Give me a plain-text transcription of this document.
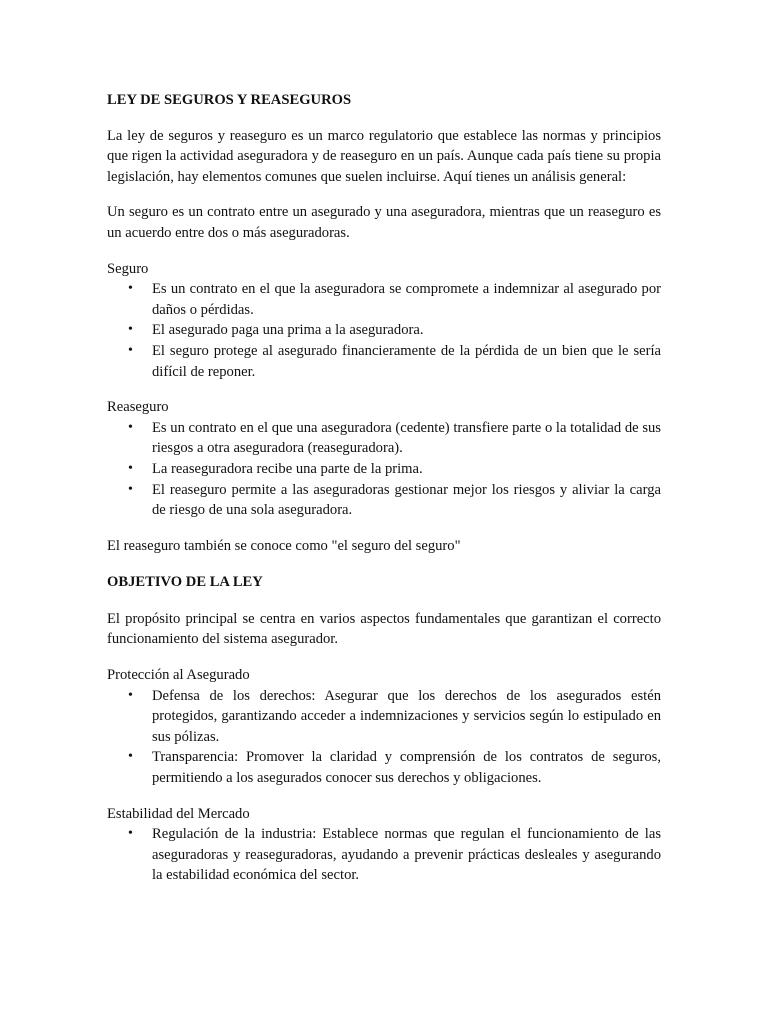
LEY DE SEGUROS Y REASEGUROS

La ley de seguros y reaseguro es un marco regulatorio que establece las normas y principios que rigen la actividad aseguradora y de reaseguro en un país. Aunque cada país tiene su propia legislación, hay elementos comunes que suelen incluirse. Aquí tienes un análisis general:

Un seguro es un contrato entre un asegurado y una aseguradora, mientras que un reaseguro es un acuerdo entre dos o más aseguradoras.

Seguro

• Es un contrato en el que la aseguradora se compromete a indemnizar al asegurado por daños o pérdidas.
• El asegurado paga una prima a la aseguradora.
• El seguro protege al asegurado financieramente de la pérdida de un bien que le sería difícil de reponer.

Reaseguro

• Es un contrato en el que una aseguradora (cedente) transfiere parte o la totalidad de sus riesgos a otra aseguradora (reaseguradora).
• La reaseguradora recibe una parte de la prima.
• El reaseguro permite a las aseguradoras gestionar mejor los riesgos y aliviar la carga de riesgo de una sola aseguradora.

El reaseguro también se conoce como "el seguro del seguro"

OBJETIVO DE LA LEY

El propósito principal se centra en varios aspectos fundamentales que garantizan el correcto funcionamiento del sistema asegurador.

Protección al Asegurado

• Defensa de los derechos: Asegurar que los derechos de los asegurados estén protegidos, garantizando acceder a indemnizaciones y servicios según lo estipulado en sus pólizas.
• Transparencia: Promover la claridad y comprensión de los contratos de seguros, permitiendo a los asegurados conocer sus derechos y obligaciones.

Estabilidad del Mercado

• Regulación de la industria: Establece normas que regulan el funcionamiento de las aseguradoras y reaseguradoras, ayudando a prevenir prácticas desleales y asegurando la estabilidad económica del sector.
